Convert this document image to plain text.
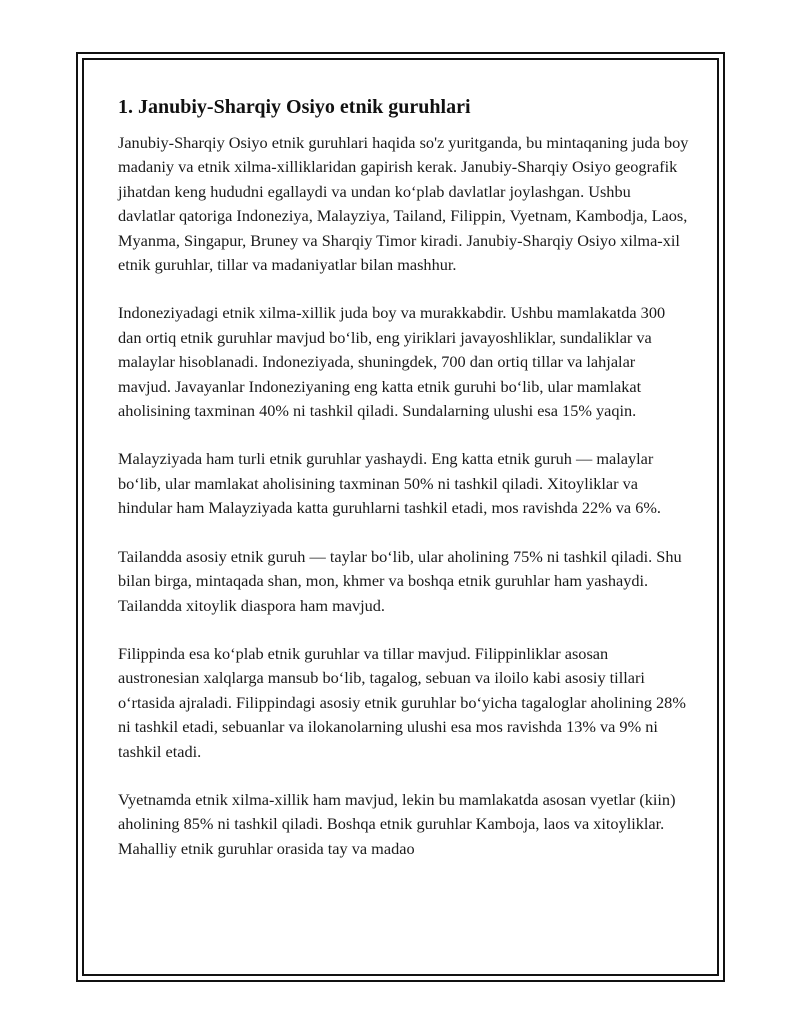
1. Janubiy-Sharqiy Osiyo etnik guruhlari

Janubiy-Sharqiy Osiyo etnik guruhlari haqida so'z yuritganda, bu mintaqaning juda boy madaniy va etnik xilma-xilliklaridan gapirish kerak. Janubiy-Sharqiy Osiyo geografik jihatdan keng hududni egallaydi va undan koʻplab davlatlar joylashgan. Ushbu davlatlar qatoriga Indoneziya, Malayziya, Tailand, Filippin, Vyetnam, Kambodja, Laos, Myanma, Singapur, Bruney va Sharqiy Timor kiradi. Janubiy-Sharqiy Osiyo xilma-xil etnik guruhlar, tillar va madaniyatlar bilan mashhur.

Indoneziyadagi etnik xilma-xillik juda boy va murakkabdir. Ushbu mamlakatda 300 dan ortiq etnik guruhlar mavjud boʻlib, eng yiriklari javayoshliklar, sundaliklar va malaylar hisoblanadi. Indoneziyada, shuningdek, 700 dan ortiq tillar va lahjalar mavjud. Javayanlar Indoneziyaning eng katta etnik guruhi boʻlib, ular mamlakat aholisining taxminan 40% ni tashkil qiladi. Sundalarning ulushi esa 15% yaqin.

Malayziyada ham turli etnik guruhlar yashaydi. Eng katta etnik guruh — malaylar boʻlib, ular mamlakat aholisining taxminan 50% ni tashkil qiladi. Xitoyliklar va hindular ham Malayziyada katta guruhlarni tashkil etadi, mos ravishda 22% va 6%.

Tailandda asosiy etnik guruh — taylar boʻlib, ular aholining 75% ni tashkil qiladi. Shu bilan birga, mintaqada shan, mon, khmer va boshqa etnik guruhlar ham yashaydi. Tailandda xitoylik diaspora ham mavjud.

Filippinda esa koʻplab etnik guruhlar va tillar mavjud. Filippinliklar asosan austronesian xalqlarga mansub boʻlib, tagalog, sebuan va iloilo kabi asosiy tillari oʻrtasida ajraladi. Filippindagi asosiy etnik guruhlar boʻyicha tagaloglar aholining 28% ni tashkil etadi, sebuanlar va ilokanolarning ulushi esa mos ravishda 13% va 9% ni tashkil etadi.

Vyetnamda etnik xilma-xillik ham mavjud, lekin bu mamlakatda asosan vyetlar (kiin) aholining 85% ni tashkil qiladi. Boshqa etnik guruhlar Kamboja, laos va xitoyliklar. Mahalliy etnik guruhlar orasida tay va madao
